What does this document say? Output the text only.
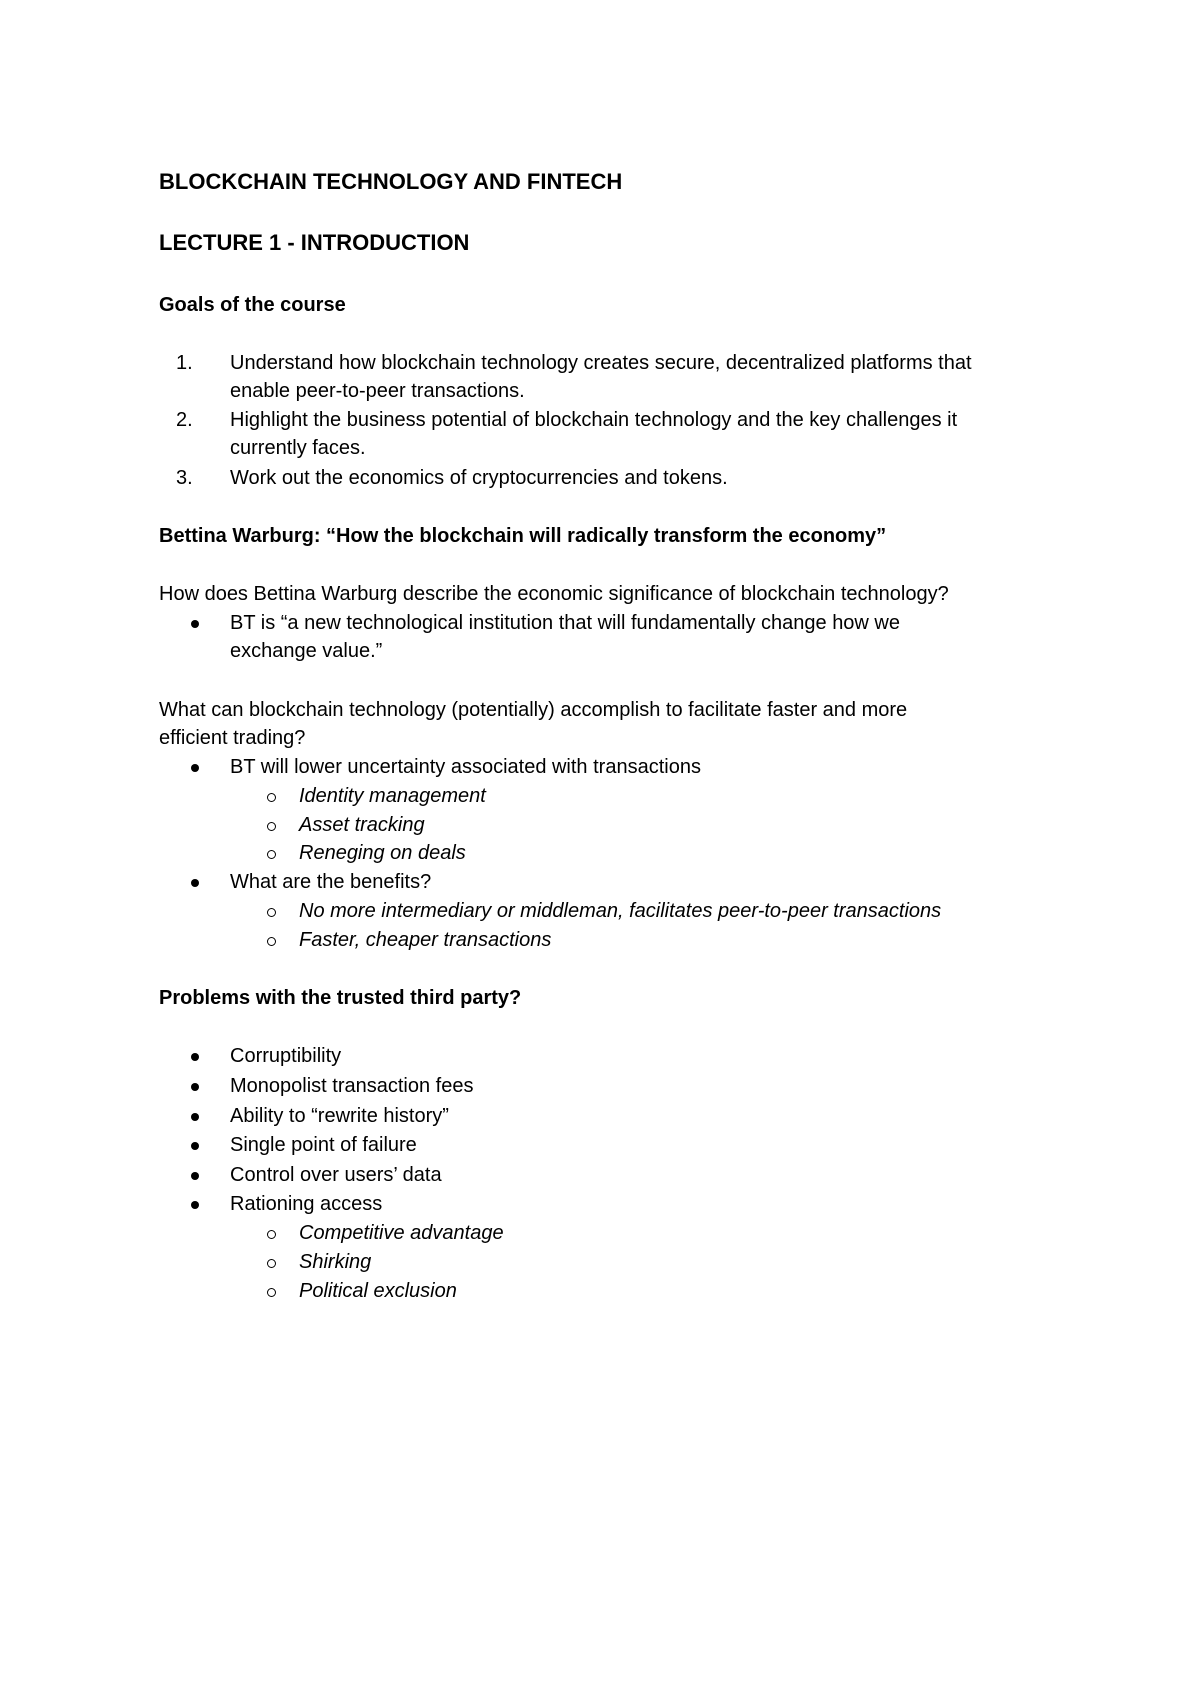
BLOCKCHAIN TECHNOLOGY AND FINTECH

LECTURE 1 - INTRODUCTION

Goals of the course

1. Understand how blockchain technology creates secure, decentralized platforms that

enable peer-to-peer transactions.

2. Highlight the business potential of blockchain technology and the key challenges it

currently faces.

3. Work out the economics of cryptocurrencies and tokens.

Bettina Warburg: “How the blockchain will radically transform the economy”

How does Bettina Warburg describe the economic significance of blockchain technology?

BT is “a new technological institution that will fundamentally change how we

exchange value.”

What can blockchain technology (potentially) accomplish to facilitate faster and more

efficient trading?

BT will lower uncertainty associated with transactions

Identity management

Asset tracking

Reneging on deals

What are the benefits?

No more intermediary or middleman, facilitates peer-to-peer transactions

Faster, cheaper transactions

Problems with the trusted third party?

Corruptibility

Monopolist transaction fees

Ability to “rewrite history”

Single point of failure

Control over users’ data

Rationing access

Competitive advantage

Shirking

Political exclusion
